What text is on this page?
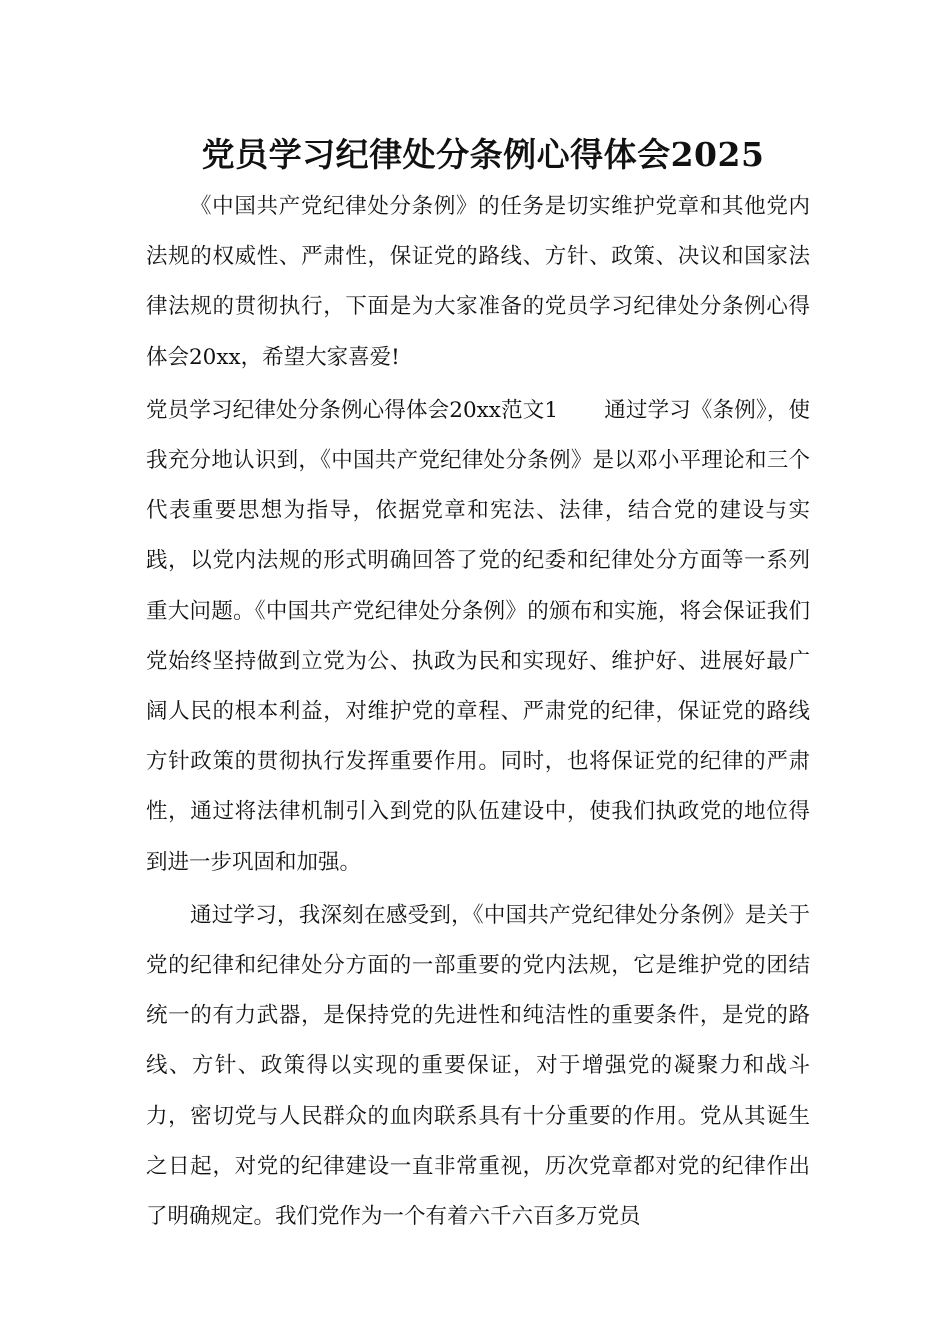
党员学习纪律处分条例心得体会2025

《中国共产党纪律处分条例》的任务是切实维护党章和其他党内法规的权威性、严肃性，保证党的路线、方针、政策、决议和国家法律法规的贯彻执行，下面是为大家准备的党员学习纪律处分条例心得体会20xx，希望大家喜爱!

党员学习纪律处分条例心得体会20xx范文1 通过学习《条例》，使我充分地认识到，《中国共产党纪律处分条例》是以邓小平理论和三个代表重要思想为指导，依据党章和宪法、法律，结合党的建设与实践，以党内法规的形式明确回答了党的纪委和纪律处分方面等一系列重大问题。《中国共产党纪律处分条例》的颁布和实施，将会保证我们党始终坚持做到立党为公、执政为民和实现好、维护好、进展好最广阔人民的根本利益，对维护党的章程、严肃党的纪律，保证党的路线方针政策的贯彻执行发挥重要作用。同时，也将保证党的纪律的严肃性，通过将法律机制引入到党的队伍建设中，使我们执政党的地位得到进一步巩固和加强。

通过学习，我深刻在感受到，《中国共产党纪律处分条例》是关于党的纪律和纪律处分方面的一部重要的党内法规，它是维护党的团结统一的有力武器，是保持党的先进性和纯洁性的重要条件，是党的路线、方针、政策得以实现的重要保证，对于增强党的凝聚力和战斗力，密切党与人民群众的血肉联系具有十分重要的作用。党从其诞生之日起，对党的纪律建设一直非常重视，历次党章都对党的纪律作出了明确规定。我们党作为一个有着六千六百多万党员
